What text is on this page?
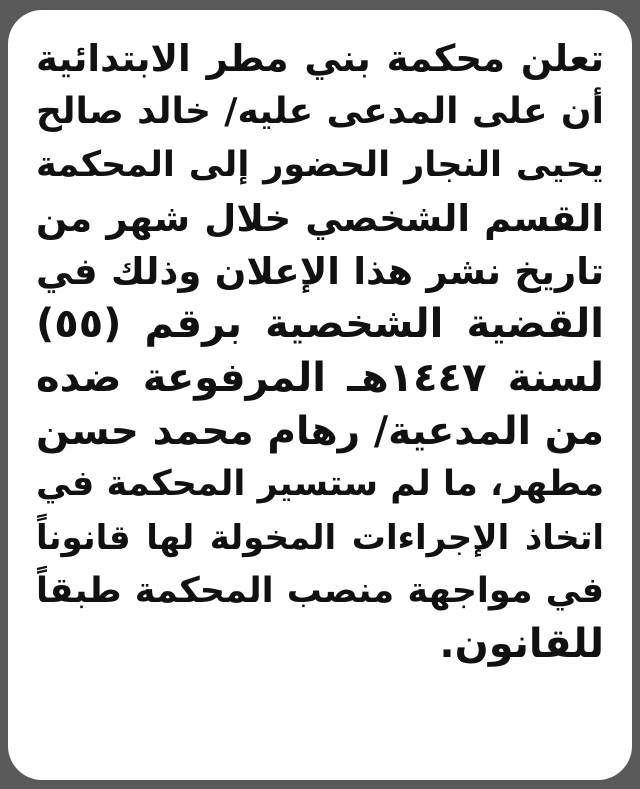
تعلن محكمة بني مطر الابتدائية
أن على المدعى عليه/ خالد صالح
يحيى النجار الحضور إلى المحكمة
القسم الشخصي خلال شهر من
تاريخ نشر هذا الإعلان وذلك في
القضية الشخصية برقم (٥٥)
لسنة ١٤٤٧هـ المرفوعة ضده
من المدعية/ رهام محمد حسن
مطهر، ما لم ستسير المحكمة في
اتخاذ الإجراءات المخولة لها قانوناً
في مواجهة منصب المحكمة طبقاً
للقانون.
